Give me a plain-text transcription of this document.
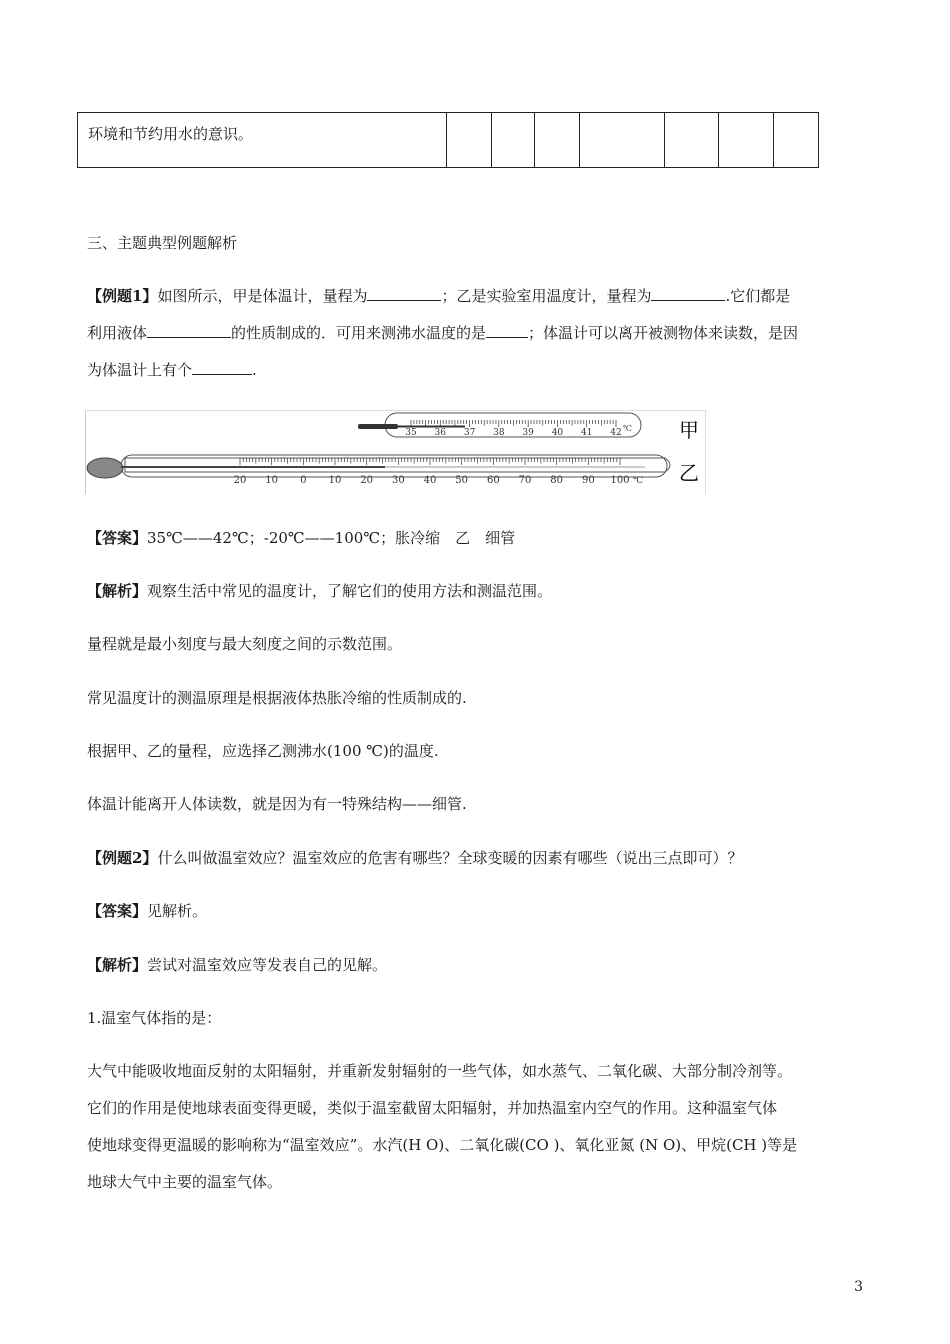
环境和节约用水的意识。							
三、主题典型例题解析
【例题1】如图所示，甲是体温计，量程为	；乙是实验室用温度计，量程为	.它们都是
利用液体	的性质制成的．可用来测沸水温度的是	；体温计可以离开被测物体来读数，是因
为体温计上有个	.
35 36 37 38 39 40 41 42 ℃
20 10 0 10 20 30 40 50 60 70 80 90 100 ℃
甲
乙
【答案】35℃——42℃；-20℃——100℃；胀冷缩　乙　细管
【解析】观察生活中常见的温度计，了解它们的使用方法和测温范围。
量程就是最小刻度与最大刻度之间的示数范围。
常见温度计的测温原理是根据液体热胀冷缩的性质制成的.
根据甲、乙的量程，应选择乙测沸水(100 ℃)的温度.
体温计能离开人体读数，就是因为有一特殊结构——细管.
【例题2】什么叫做温室效应？温室效应的危害有哪些？全球变暖的因素有哪些（说出三点即可）？
【答案】见解析。
【解析】尝试对温室效应等发表自己的见解。
1.温室气体指的是：
大气中能吸收地面反射的太阳辐射，并重新发射辐射的一些气体，如水蒸气、二氧化碳、大部分制冷剂等。
它们的作用是使地球表面变得更暖，类似于温室截留太阳辐射，并加热温室内空气的作用。这种温室气体
使地球变得更温暖的影响称为“温室效应”。水汽(H O)、二氧化碳(CO )、氧化亚氮 (N O)、甲烷(CH )等是
地球大气中主要的温室气体。
3
